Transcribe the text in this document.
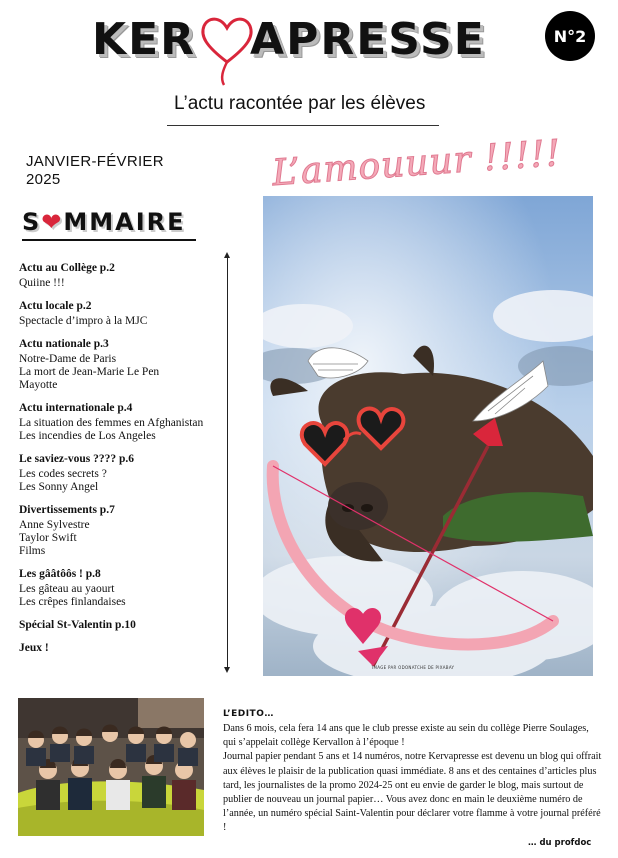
KER APRESSE	N°2
L’actu racontée par les élèves
JANVIER-FÉVRIER
2025
S❤MMAIRE
Actu au Collège p.2
Quiine !!!
Actu locale p.2
Spectacle d’impro à la MJC
Actu nationale p.3
Notre-Dame de Paris
La mort de Jean-Marie Le Pen
Mayotte
Actu internationale p.4
La situation des femmes en Afghanistan
Les incendies de Los Angeles
Le saviez-vous ???? p.6
Les codes secrets ?
Les Sonny Angel
Divertissements p.7
Anne Sylvestre
Taylor Swift
Films
Les gââtôôs ! p.8
Les gâteau au yaourt
Les crêpes finlandaises
Spécial St-Valentin p.10
Jeux !
L’amouuur !!!!!
IMAGE PAR ODONATCHE DE PIXABAY
L’EDITO…
Dans 6 mois, cela fera 14 ans que le club presse existe au sein du collège Pierre Soulages, qui s’appelait collège Kervallon à l’époque !
Journal papier pendant 5 ans et 14 numéros, notre Kervapresse est devenu un blog qui offrait aux élèves le plaisir de la publication quasi immédiate. 8 ans et des centaines d’articles plus tard, les journalistes de la promo 2024-25 ont eu envie de garder le blog, mais surtout de publier de nouveau un journal papier… Vous avez donc en main le deuxième numéro de l’année, un numéro spécial Saint-Valentin pour déclarer votre flamme à votre journal préféré !
… du profdoc
